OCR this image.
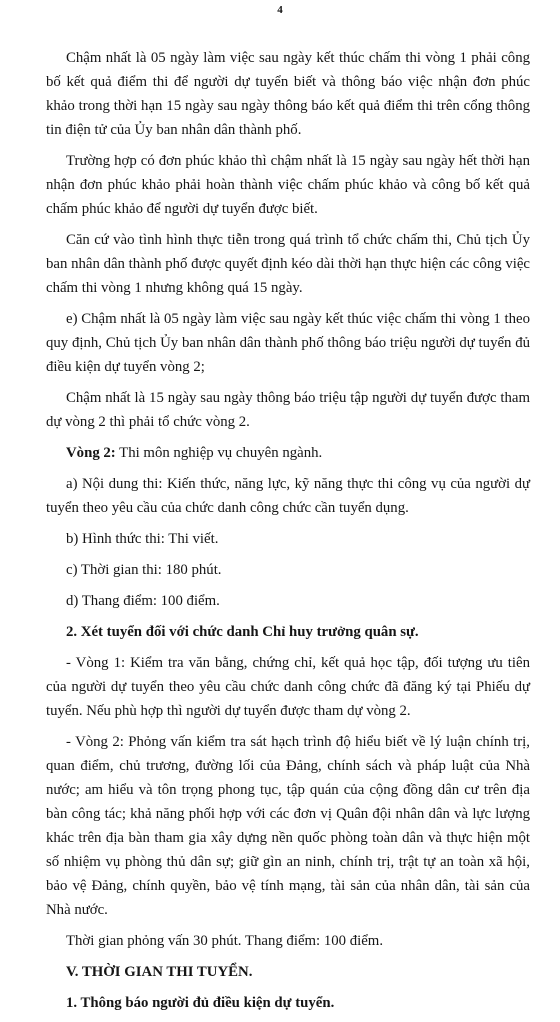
4

Chậm nhất là 05 ngày làm việc sau ngày kết thúc chấm thi vòng 1 phải công bố kết quả điểm thi để người dự tuyển biết và thông báo việc nhận đơn phúc khảo trong thời hạn 15 ngày sau ngày thông báo kết quả điểm thi trên cổng thông tin điện tử của Ủy ban nhân dân thành phố.

Trường hợp có đơn phúc khảo thì chậm nhất là 15 ngày sau ngày hết thời hạn nhận đơn phúc khảo phải hoàn thành việc chấm phúc khảo và công bố kết quả chấm phúc khảo để người dự tuyển được biết.

Căn cứ vào tình hình thực tiễn trong quá trình tổ chức chấm thi, Chủ tịch Ủy ban nhân dân thành phố được quyết định kéo dài thời hạn thực hiện các công việc chấm thi vòng 1 nhưng không quá 15 ngày.

e) Chậm nhất là 05 ngày làm việc sau ngày kết thúc việc chấm thi vòng 1 theo quy định, Chủ tịch Ủy ban nhân dân thành phố thông báo triệu người dự tuyển đủ điều kiện dự tuyển vòng 2;

Chậm nhất là 15 ngày sau ngày thông báo triệu tập người dự tuyển được tham dự vòng 2 thì phải tổ chức vòng 2.

Vòng 2: Thi môn nghiệp vụ chuyên ngành.

a) Nội dung thi: Kiến thức, năng lực, kỹ năng thực thi công vụ của người dự tuyển theo yêu cầu của chức danh công chức cần tuyển dụng.

b) Hình thức thi: Thi viết.

c) Thời gian thi: 180 phút.

d) Thang điểm: 100 điểm.

2. Xét tuyển đối với chức danh Chỉ huy trưởng quân sự.

- Vòng 1: Kiểm tra văn bằng, chứng chỉ, kết quả học tập, đối tượng ưu tiên của người dự tuyển theo yêu cầu chức danh công chức đã đăng ký tại Phiếu dự tuyển. Nếu phù hợp thì người dự tuyển được tham dự vòng 2.

- Vòng 2: Phỏng vấn kiểm tra sát hạch trình độ hiểu biết về lý luận chính trị, quan điểm, chủ trương, đường lối của Đảng, chính sách và pháp luật của Nhà nước; am hiểu và tôn trọng phong tục, tập quán của cộng đồng dân cư trên địa bàn công tác; khả năng phối hợp với các đơn vị Quân đội nhân dân và lực lượng khác trên địa bàn tham gia xây dựng nền quốc phòng toàn dân và thực hiện một số nhiệm vụ phòng thủ dân sự; giữ gìn an ninh, chính trị, trật tự an toàn xã hội, bảo vệ Đảng, chính quyền, bảo vệ tính mạng, tài sản của nhân dân, tài sản của Nhà nước.

Thời gian phỏng vấn 30 phút. Thang điểm: 100 điểm.

V. THỜI GIAN THI TUYỂN.

1. Thông báo người đủ điều kiện dự tuyển.
